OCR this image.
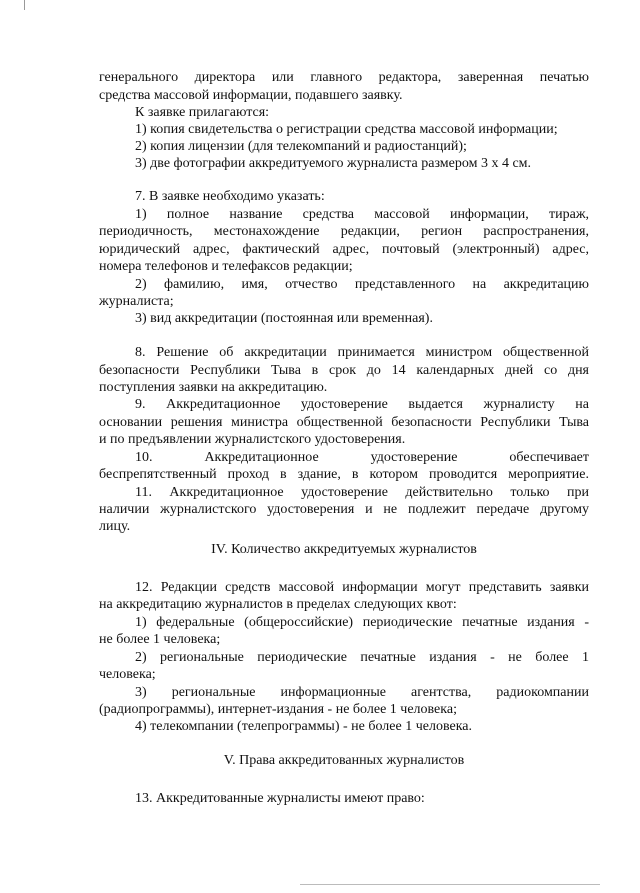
генерального директора или главного редактора, заверенная печатью
средства массовой информации, подавшего заявку.
К заявке прилагаются:
1) копия свидетельства о регистрации средства массовой информации;
2) копия лицензии (для телекомпаний и радиостанций);
3) две фотографии аккредитуемого журналиста размером 3 x 4 см.
7. В заявке необходимо указать:
1) полное название средства массовой информации, тираж,
периодичность, местонахождение редакции, регион распространения,
юридический адрес, фактический адрес, почтовый (электронный) адрес,
номера телефонов и телефаксов редакции;
2) фамилию, имя, отчество представленного на аккредитацию
журналиста;
3) вид аккредитации (постоянная или временная).
8. Решение об аккредитации принимается министром общественной
безопасности Республики Тыва в срок до 14 календарных дней со дня
поступления заявки на аккредитацию.
9. Аккредитационное удостоверение выдается журналисту на
основании решения министра общественной безопасности Республики Тыва
и по предъявлении журналистского удостоверения.
10. Аккредитационное удостоверение обеспечивает
беспрепятственный проход в здание, в котором проводится мероприятие.
11. Аккредитационное удостоверение действительно только при
наличии журналистского удостоверения и не подлежит передаче другому
лицу.
IV. Количество аккредитуемых журналистов
12. Редакции средств массовой информации могут представить заявки
на аккредитацию журналистов в пределах следующих квот:
1) федеральные (общероссийские) периодические печатные издания -
не более 1 человека;
2) региональные периодические печатные издания - не более 1
человека;
3) региональные информационные агентства, радиокомпании
(радиопрограммы), интернет-издания - не более 1 человека;
4) телекомпании (телепрограммы) - не более 1 человека.
V. Права аккредитованных журналистов
13. Аккредитованные журналисты имеют право:
